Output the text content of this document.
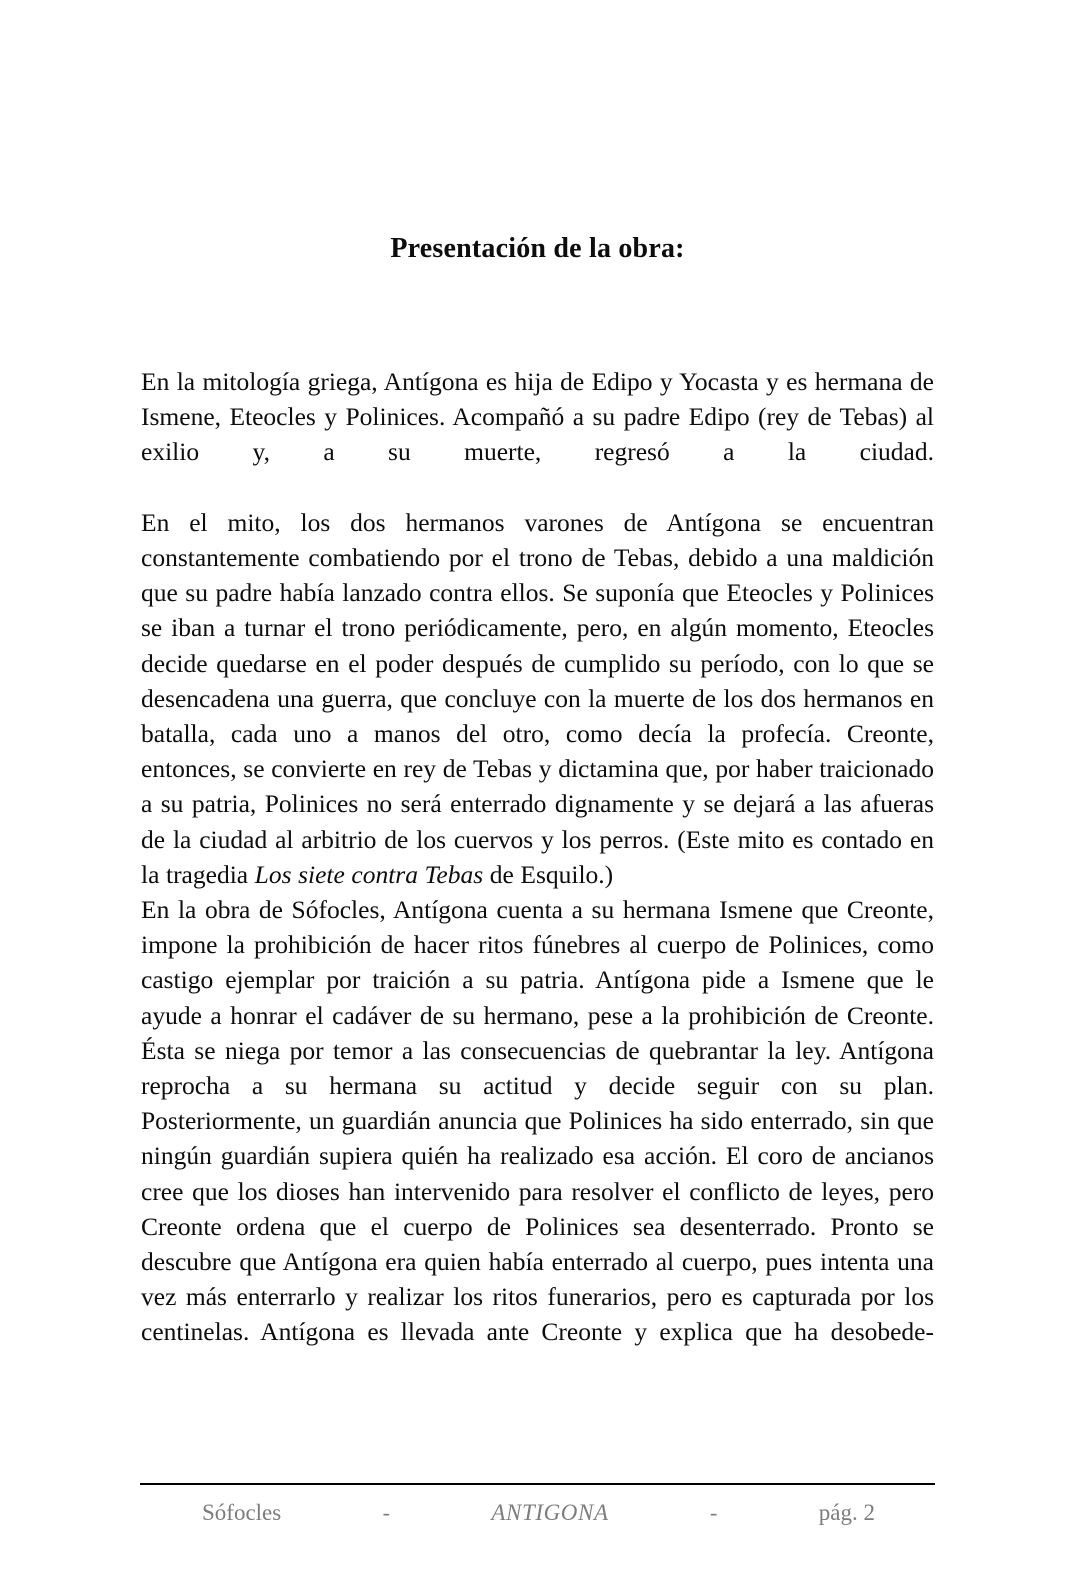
Presentación de la obra:

En la mitología griega, Antígona es hija de Edipo y Yocasta y es hermana de Ismene, Eteocles y Polinices. Acompañó a su padre Edipo (rey de Tebas) al exilio y, a su muerte, regresó a la ciudad.

En el mito, los dos hermanos varones de Antígona se encuentran constantemente combatiendo por el trono de Tebas, debido a una maldición que su padre había lanzado contra ellos. Se suponía que Eteocles y Polinices se iban a turnar el trono periódicamente, pero, en algún momento, Eteocles decide quedarse en el poder después de cumplido su período, con lo que se desencadena una guerra, que concluye con la muerte de los dos hermanos en batalla, cada uno a manos del otro, como decía la profecía. Creonte, entonces, se convierte en rey de Tebas y dictamina que, por haber traicionado a su patria, Polinices no será enterrado dignamente y se dejará a las afueras de la ciudad al arbitrio de los cuervos y los perros. (Este mito es contado en la tragedia Los siete contra Tebas de Esquilo.)

En la obra de Sófocles, Antígona cuenta a su hermana Ismene que Creonte, impone la prohibición de hacer ritos fúnebres al cuerpo de Polinices, como castigo ejemplar por traición a su patria. Antígona pide a Ismene que le ayude a honrar el cadáver de su hermano, pese a la prohibición de Creonte. Ésta se niega por temor a las consecuencias de quebrantar la ley. Antígona reprocha a su hermana su actitud y decide seguir con su plan. Posteriormente, un guardián anuncia que Polinices ha sido enterrado, sin que ningún guardián supiera quién ha realizado esa acción. El coro de ancianos cree que los dioses han intervenido para resolver el conflicto de leyes, pero Creonte ordena que el cuerpo de Polinices sea desenterrado. Pronto se descubre que Antígona era quien había enterrado al cuerpo, pues intenta una vez más enterrarlo y realizar los ritos funerarios, pero es capturada por los centinelas. Antígona es llevada ante Creonte y explica que ha desobede-

Sófocles	-	ANTIGONA	-	pág. 2
